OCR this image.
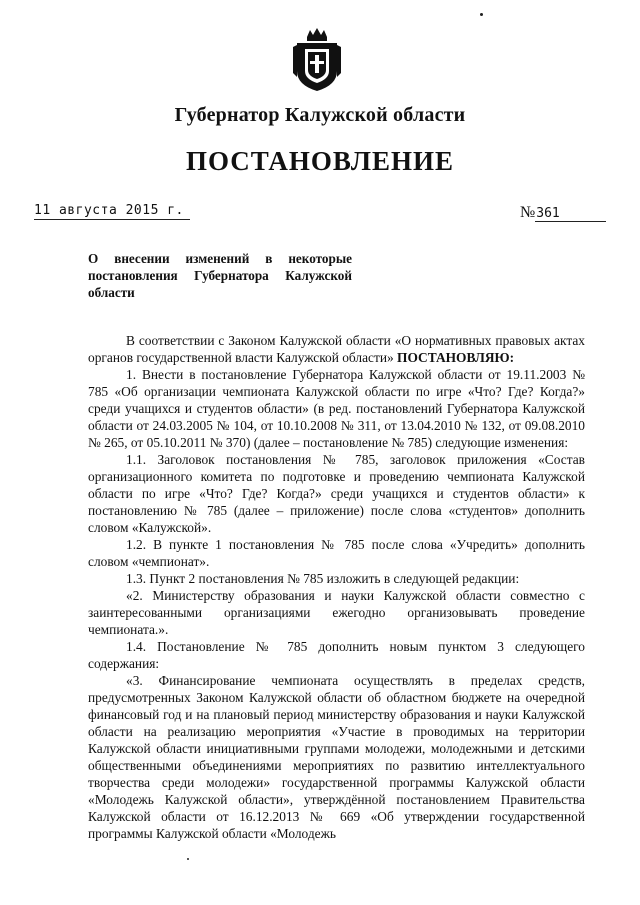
Губернатор Калужской области
ПОСТАНОВЛЕНИЕ
11 августа 2015 г.	№361
О внесении изменений в некоторые постановления Губернатора Калужской области

В соответствии с Законом Калужской области «О нормативных правовых актах органов государственной власти Калужской области» ПОСТАНОВЛЯЮ:

1. Внести в постановление Губернатора Калужской области от 19.11.2003 № 785 «Об организации чемпионата Калужской области по игре «Что? Где? Когда?» среди учащихся и студентов области» (в ред. постановлений Губернатора Калужской области от 24.03.2005 № 104, от 10.10.2008 № 311, от 13.04.2010 № 132, от 09.08.2010 № 265, от 05.10.2011 № 370) (далее – постановление № 785) следующие изменения:

1.1. Заголовок постановления № 785, заголовок приложения «Состав организационного комитета по подготовке и проведению чемпионата Калужской области по игре «Что? Где? Когда?» среди учащихся и студентов области» к постановлению № 785 (далее – приложение) после слова «студентов» дополнить словом «Калужской».

1.2. В пункте 1 постановления № 785 после слова «Учредить» дополнить словом «чемпионат».

1.3. Пункт 2 постановления № 785 изложить в следующей редакции:

«2. Министерству образования и науки Калужской области совместно с заинтересованными организациями ежегодно организовывать проведение чемпионата.».

1.4. Постановление № 785 дополнить новым пунктом 3 следующего содержания:

«3. Финансирование чемпионата осуществлять в пределах средств, предусмотренных Законом Калужской области об областном бюджете на очередной финансовый год и на плановый период министерству образования и науки Калужской области на реализацию мероприятия «Участие в проводимых на территории Калужской области инициативными группами молодежи, молодежными и детскими общественными объединениями мероприятиях по развитию интеллектуального творчества среди молодежи» государственной программы Калужской области «Молодежь Калужской области», утверждённой постановлением Правительства Калужской области от 16.12.2013 № 669 «Об утверждении государственной программы Калужской области «Молодежь
